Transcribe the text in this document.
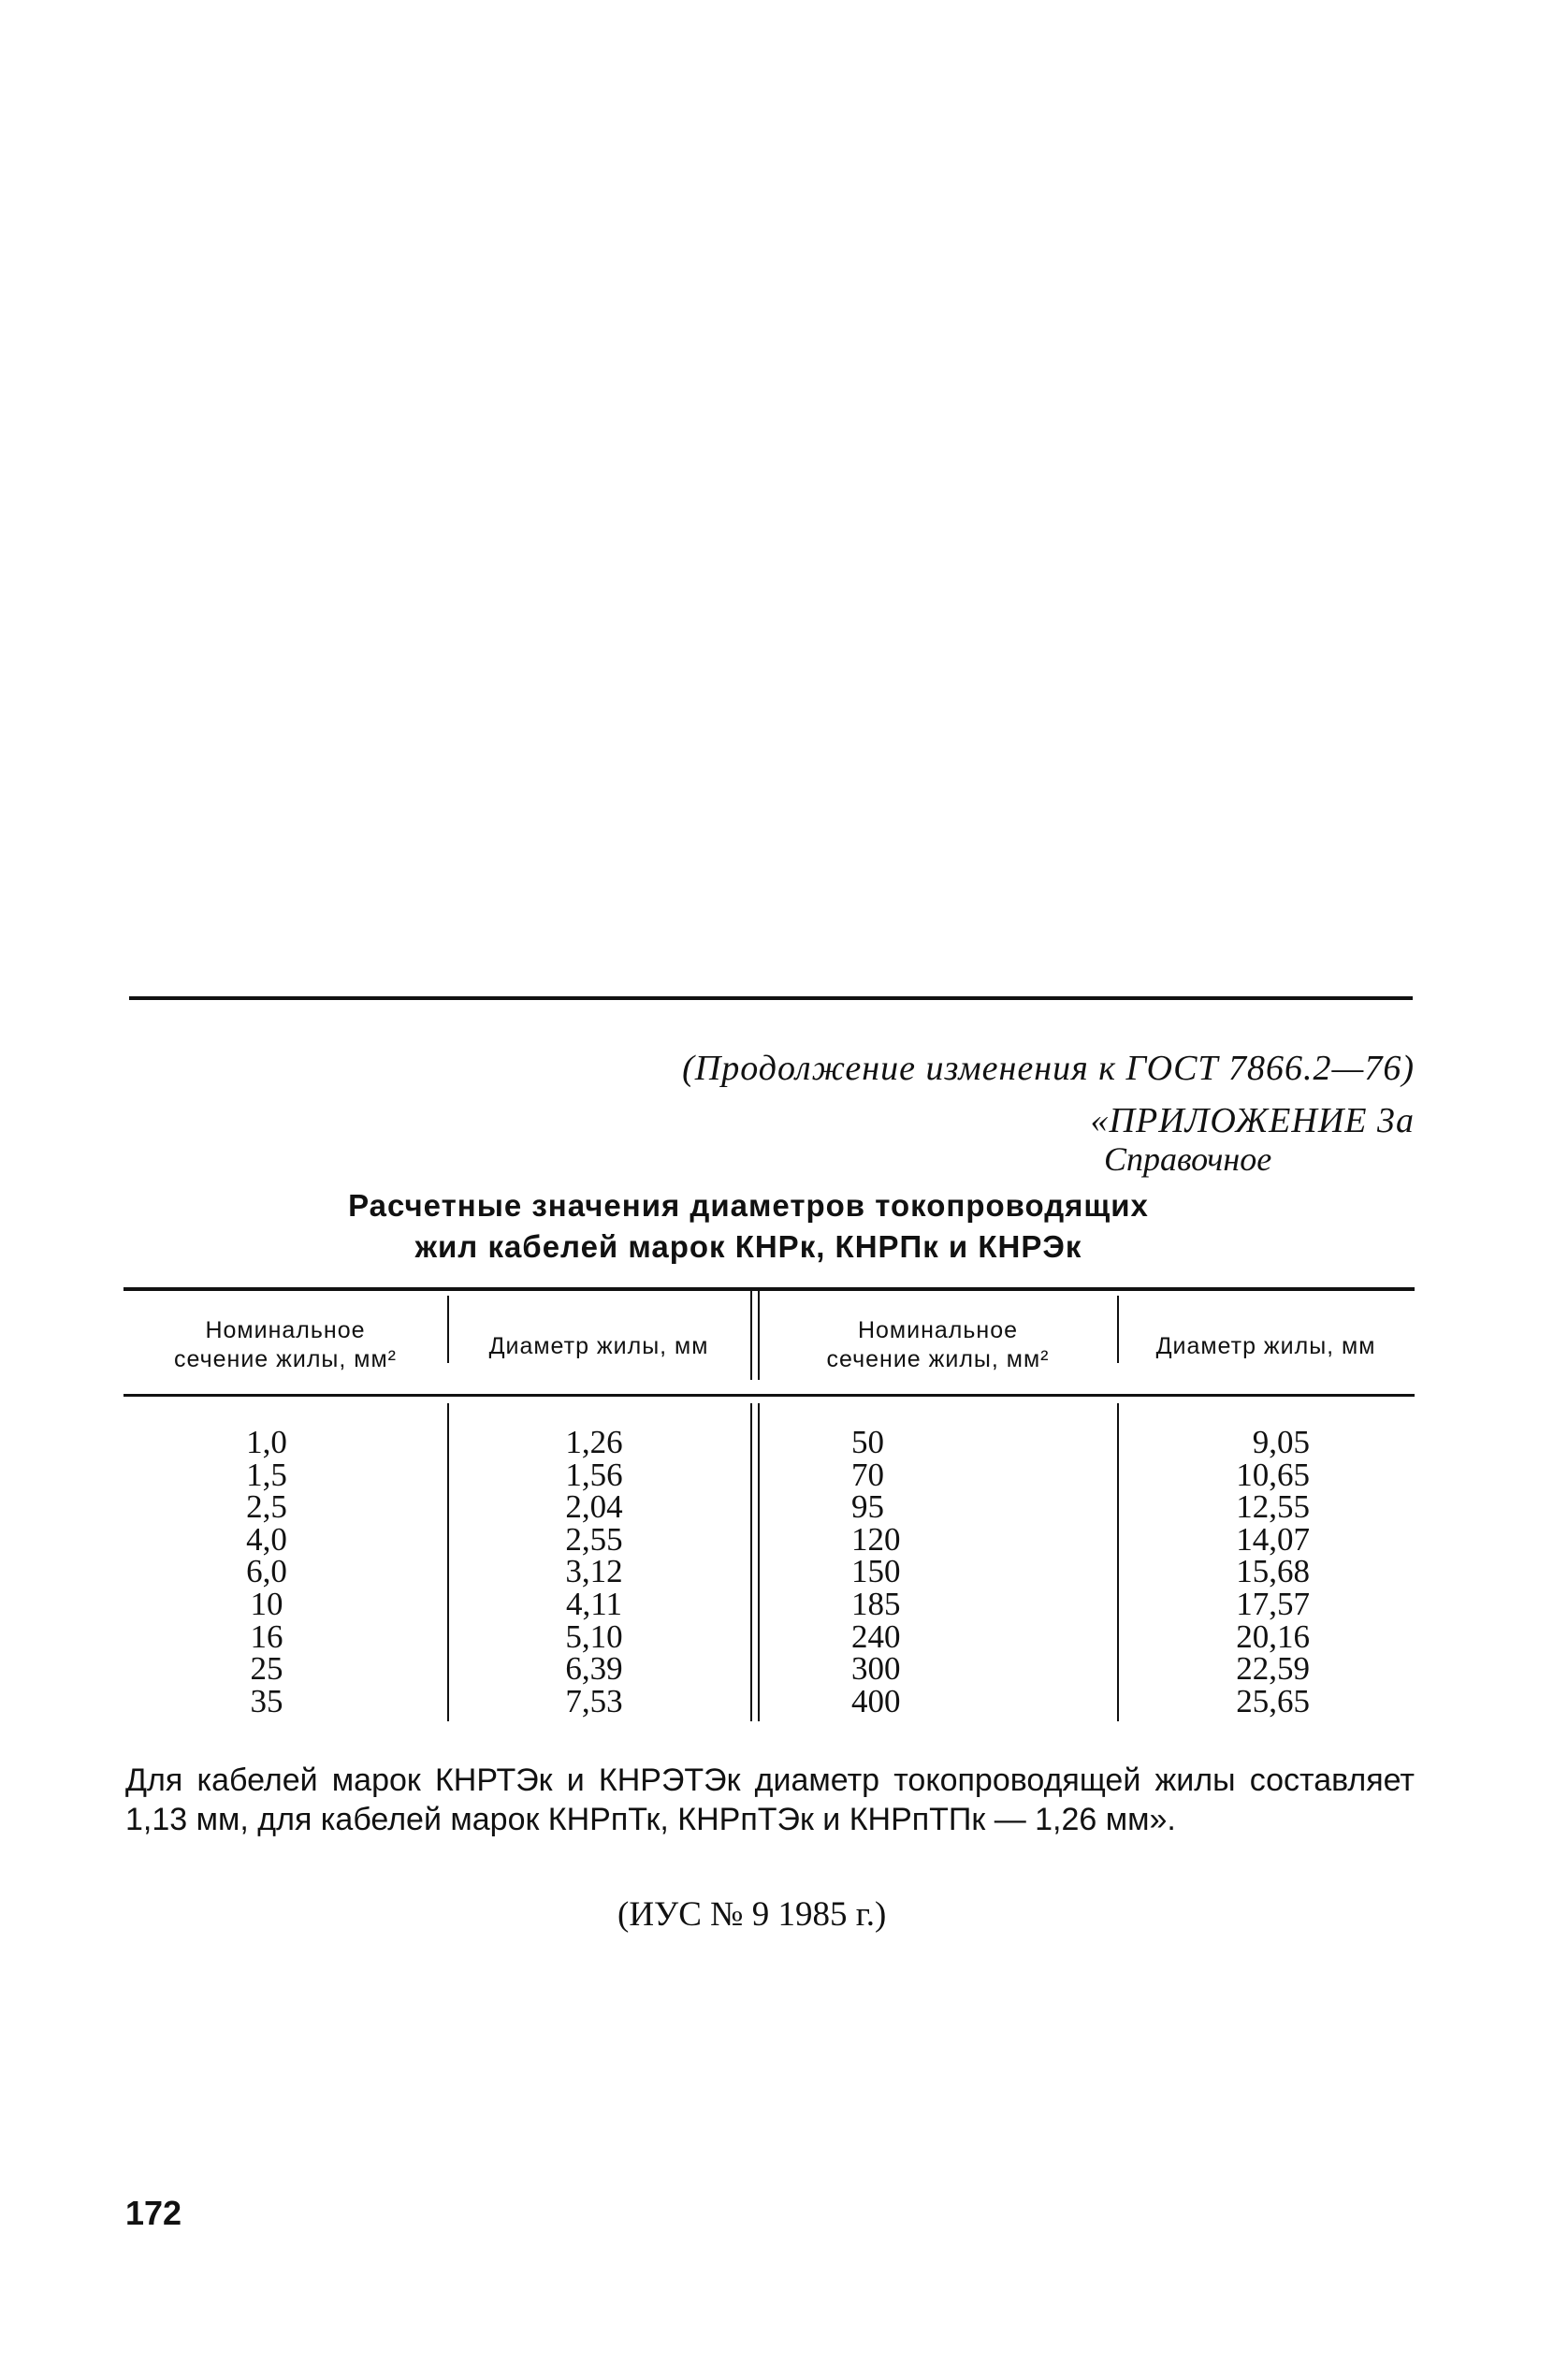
(Продолжение изменения к ГОСТ 7866.2—76)
«ПРИЛОЖЕНИЕ 3а
Справочное
Расчетные значения диаметров токопроводящих
жил кабелей марок КНРк, КНРПк и КНРЭк
Номинальное
сечение жилы, мм²	Диаметр жилы, мм
Номинальное
сечение жилы, мм²	Диаметр жилы, мм
1,0
1,5
2,5
4,0
6,0
10
16
25
35
1,26
1,56
2,04
2,55
3,12
4,11
5,10
6,39
7,53
50
70
95
120
150
185
240
300
400
9,05
10,65
12,55
14,07
15,68
17,57
20,16
22,59
25,65
Для кабелей марок КНРТЭк и КНРЭТЭк диаметр токопроводящей жилы составляет 1,13 мм, для кабелей марок КНРпТк, КНРпТЭк и КНРпТПк — 1,26 мм».
(ИУС № 9 1985 г.)
172
